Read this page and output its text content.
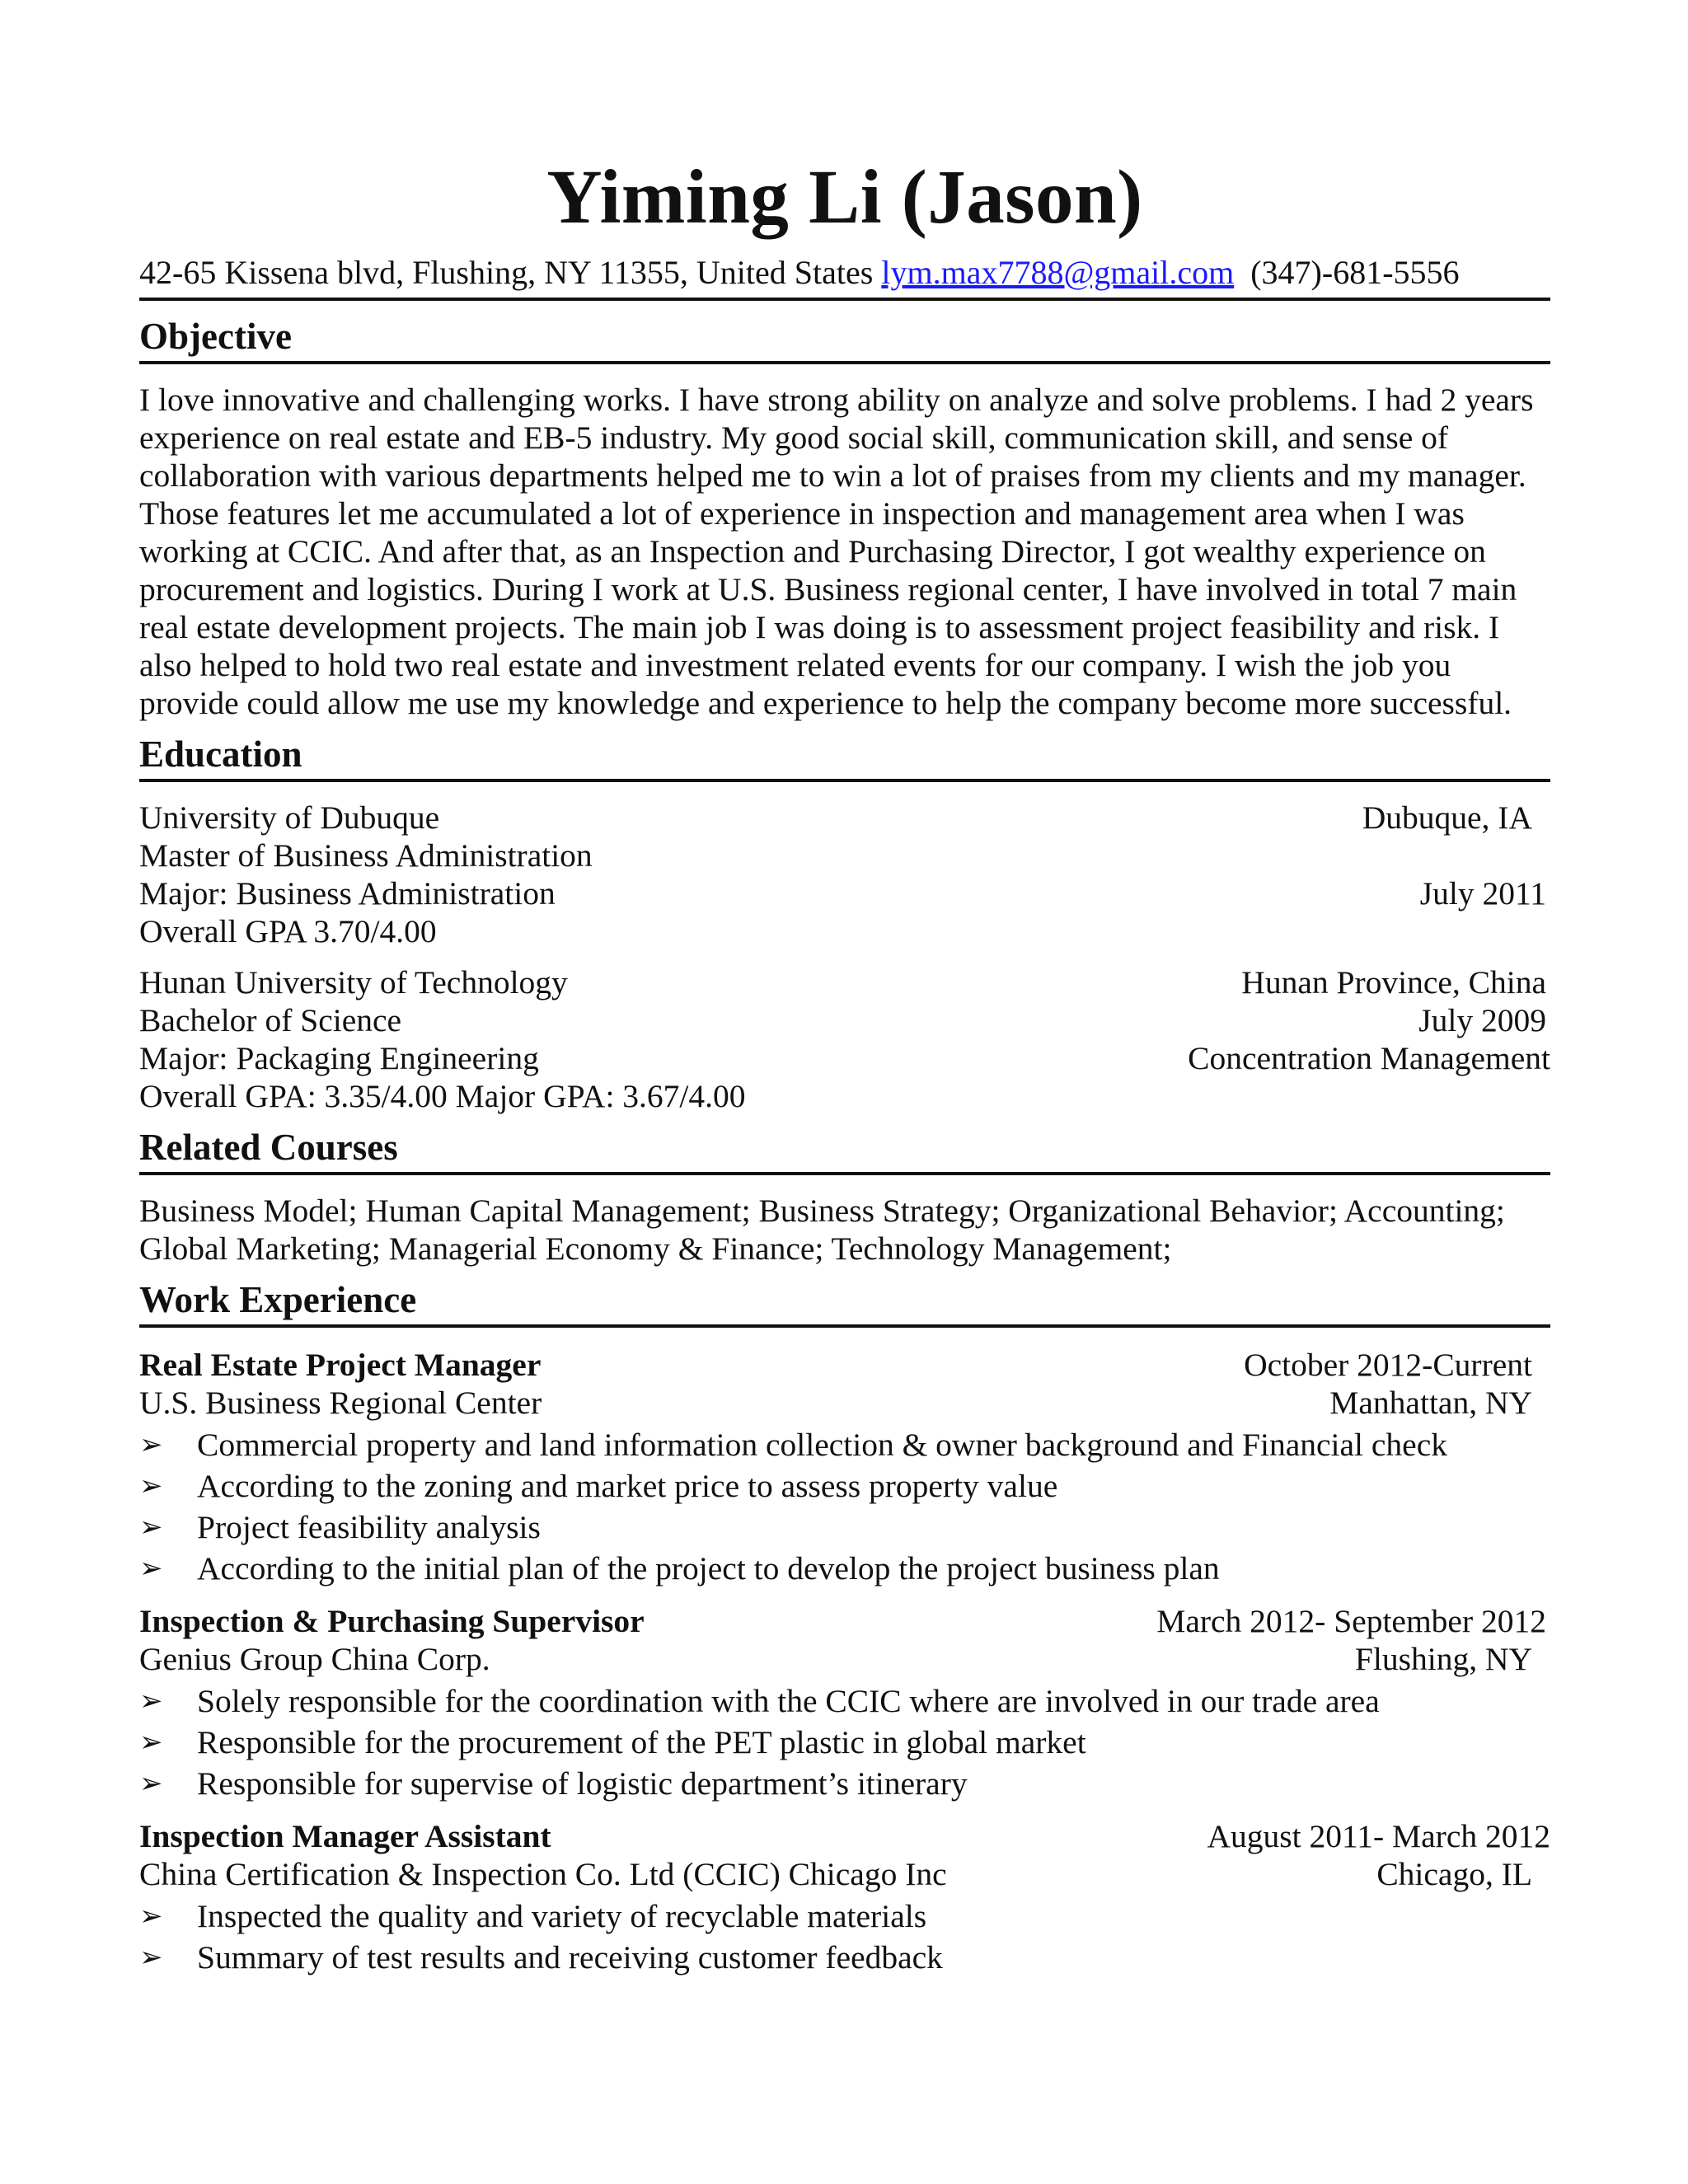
Yiming Li (Jason)
42-65 Kissena blvd, Flushing, NY 11355, United States lym.max7788@gmail.com (347)-681-5556
Objective
I love innovative and challenging works. I have strong ability on analyze and solve problems. I had 2 years experience on real estate and EB-5 industry. My good social skill, communication skill, and sense of collaboration with various departments helped me to win a lot of praises from my clients and my manager. Those features let me accumulated a lot of experience in inspection and management area when I was working at CCIC. And after that, as an Inspection and Purchasing Director, I got wealthy experience on procurement and logistics. During I work at U.S. Business regional center, I have involved in total 7 main real estate development projects. The main job I was doing is to assessment project feasibility and risk. I also helped to hold two real estate and investment related events for our company. I wish the job you provide could allow me use my knowledge and experience to help the company become more successful.
Education
University of Dubuque	Dubuque, IA
Master of Business Administration
Major: Business Administration	July 2011
Overall GPA 3.70/4.00
Hunan University of Technology	Hunan Province, China
Bachelor of Science	July 2009
Major: Packaging Engineering	Concentration Management
Overall GPA: 3.35/4.00 Major GPA: 3.67/4.00
Related Courses
Business Model; Human Capital Management; Business Strategy; Organizational Behavior; Accounting; Global Marketing; Managerial Economy & Finance; Technology Management;
Work Experience
Real Estate Project Manager	October 2012-Current
U.S. Business Regional Center	Manhattan, NY
➢	Commercial property and land information collection & owner background and Financial check
➢	According to the zoning and market price to assess property value
➢	Project feasibility analysis
➢	According to the initial plan of the project to develop the project business plan
Inspection & Purchasing Supervisor	March 2012- September 2012
Genius Group China Corp.	Flushing, NY
➢	Solely responsible for the coordination with the CCIC where are involved in our trade area
➢	Responsible for the procurement of the PET plastic in global market
➢	Responsible for supervise of logistic department’s itinerary
Inspection Manager Assistant	August 2011- March 2012
China Certification & Inspection Co. Ltd (CCIC) Chicago Inc	Chicago, IL
➢	Inspected the quality and variety of recyclable materials
➢	Summary of test results and receiving customer feedback
